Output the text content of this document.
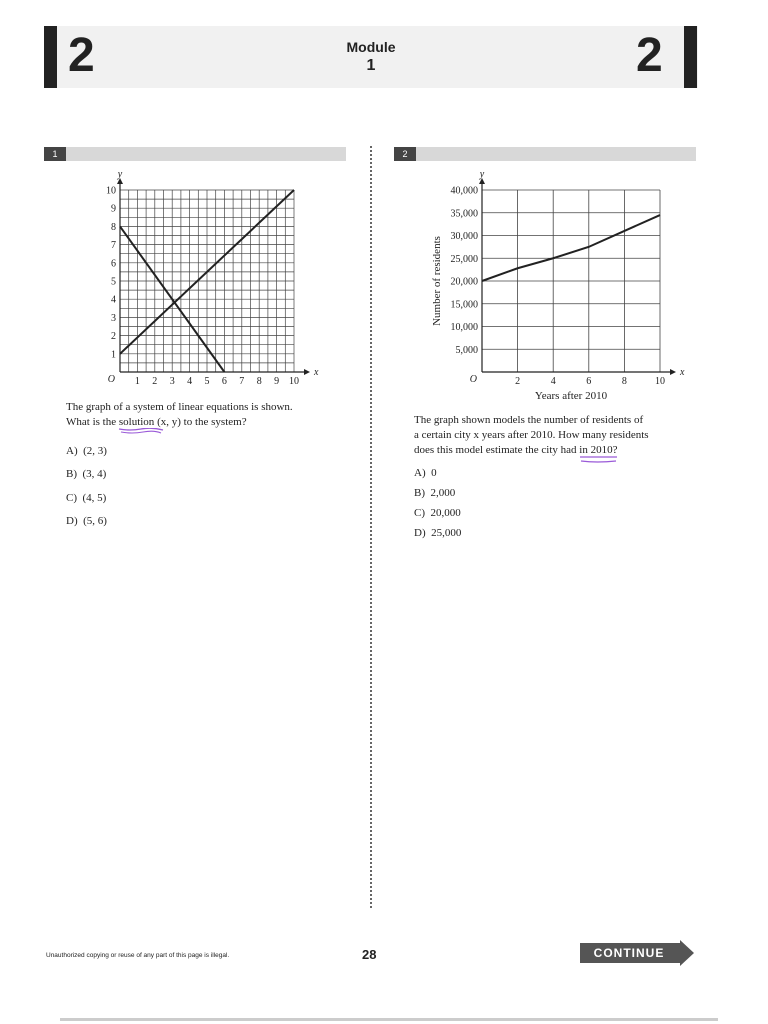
2	2
Module
1
1	2
1 2 3 4 5 6 7 8 9 10
1
2
3
4
5
6
7
8
9
10
O
x
y
2	4	6	8	10
5,000
10,000
15,000
20,000
25,000
30,000
35,000
40,000
O
x
y
Years after 2010
Number of residents
The graph of a system of linear equations is shown.
What is the solution
(x, y) to the system?
A) (2, 3)
B) (3, 4)
C) (4, 5)
D) (5, 6)
The graph shown models the number of residents of
a certain city x years after 2010. How many residents
does this model estimate the city had in 2010
?
A) 0
B) 2,000
C) 20,000
D) 25,000
Unauthorized copying or reuse of any part of this page is illegal.	28	CONTINUE
